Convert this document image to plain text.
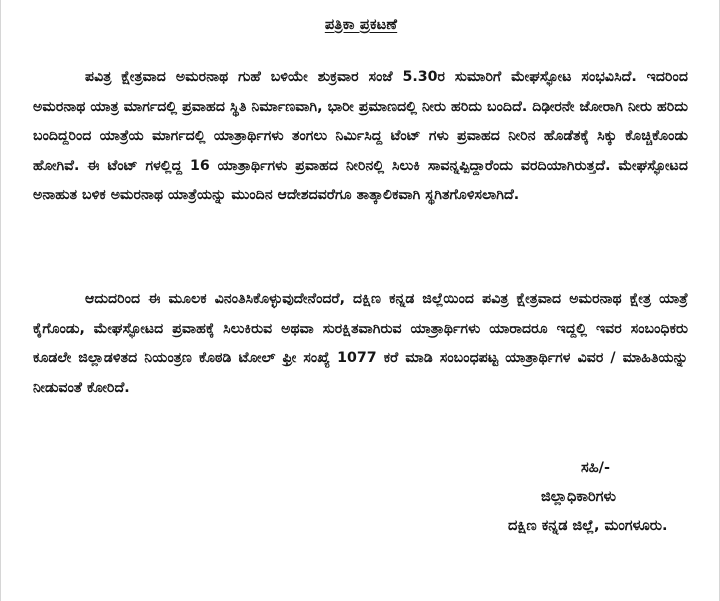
ಪತ್ರಿಕಾ ಪ್ರಕಟಣೆ

ಪವಿತ್ರ ಕ್ಷೇತ್ರವಾದ ಅಮರನಾಥ ಗುಹೆ ಬಳಿಯೇ ಶುಕ್ರವಾರ ಸಂಜೆ 5.30ರ ಸುಮಾರಿಗೆ ಮೇಘಸ್ಫೋಟ ಸಂಭವಿಸಿದೆ. ಇದರಿಂದ ಅಮರನಾಥ ಯಾತ್ರ ಮಾರ್ಗದಲ್ಲಿ ಪ್ರವಾಹದ ಸ್ಥಿತಿ ನಿರ್ಮಾಣವಾಗಿ, ಭಾರೀ ಪ್ರಮಾಣದಲ್ಲಿ ನೀರು ಹರಿದು ಬಂದಿದೆ. ದಿಢೀರನೇ ಜೋರಾಗಿ ನೀರು ಹರಿದು ಬಂದಿದ್ದರಿಂದ ಯಾತ್ರೆಯ ಮಾರ್ಗದಲ್ಲಿ ಯಾತ್ರಾರ್ಥಿಗಳು ತಂಗಲು ನಿರ್ಮಿಸಿದ್ದ ಟೆಂಟ್ ಗಳು ಪ್ರವಾಹದ ನೀರಿನ ಹೊಡೆತಕ್ಕೆ ಸಿಕ್ಕು ಕೊಚ್ಚಿಕೊಂಡು ಹೋಗಿವೆ. ಈ ಟೆಂಟ್ ಗಳಲ್ಲಿದ್ದ 16 ಯಾತ್ರಾರ್ಥಿಗಳು ಪ್ರವಾಹದ ನೀರಿನಲ್ಲಿ ಸಿಲುಕಿ ಸಾವನ್ನಪ್ಪಿದ್ದಾರೆಂದು ವರದಿಯಾಗಿರುತ್ತದೆ. ಮೇಘಸ್ಫೋಟದ ಅನಾಹುತ ಬಳಿಕ ಅಮರನಾಥ ಯಾತ್ರೆಯನ್ನು ಮುಂದಿನ ಆದೇಶದವರೆಗೂ ತಾತ್ಕಾಲಿಕವಾಗಿ ಸ್ಥಗಿತಗೊಳಿಸಲಾಗಿದೆ.

ಆದುದರಿಂದ ಈ ಮೂಲಕ ವಿನಂತಿಸಿಕೊಳ್ಳುವುದೇನೆಂದರೆ, ದಕ್ಷಿಣ ಕನ್ನಡ ಜಿಲ್ಲೆಯಿಂದ ಪವಿತ್ರ ಕ್ಷೇತ್ರವಾದ ಅಮರನಾಥ ಕ್ಷೇತ್ರ ಯಾತ್ರೆ ಕೈಗೊಂಡು, ಮೇಘಸ್ಫೋಟದ ಪ್ರವಾಹಕ್ಕೆ ಸಿಲುಕಿರುವ ಅಥವಾ ಸುರಕ್ಷಿತವಾಗಿರುವ ಯಾತ್ರಾರ್ಥಿಗಳು ಯಾರಾದರೂ ಇದ್ದಲ್ಲಿ ಇವರ ಸಂಬಂಧಿಕರು ಕೂಡಲೇ ಜಿಲ್ಲಾಡಳಿತದ ನಿಯಂತ್ರಣ ಕೊಠಡಿ ಟೋಲ್ ಫ್ರೀ ಸಂಖ್ಯೆ 1077 ಕರೆ ಮಾಡಿ ಸಂಬಂಧಪಟ್ಟ ಯಾತ್ರಾರ್ಥಿಗಳ ವಿವರ / ಮಾಹಿತಿಯನ್ನು ನೀಡುವಂತೆ ಕೋರಿದೆ.

ಸಹಿ/-
ಜಿಲ್ಲಾಧಿಕಾರಿಗಳು
ದಕ್ಷಿಣ ಕನ್ನಡ ಜಿಲ್ಲೆ, ಮಂಗಳೂರು.
